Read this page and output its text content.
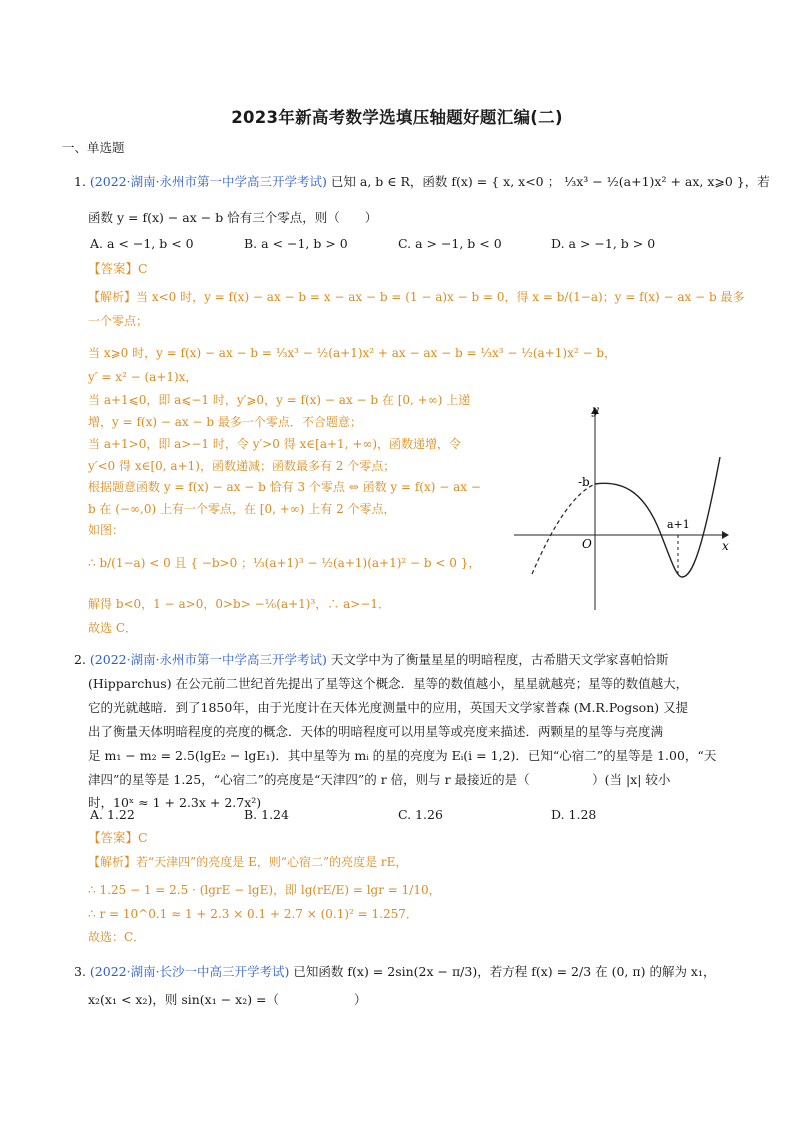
2023年新高考数学选填压轴题好题汇编(二)
一、单选题
1. (2022·湖南·永州市第一中学高三开学考试) 已知 a, b ∈ R，函数 f(x) = { x, x<0 ； ⅓x³ − ½(a+1)x² + ax, x⩾0 }，若
函数 y = f(x) − ax − b 恰有三个零点，则（　　）
A. a < −1, b < 0	B. a < −1, b > 0	C. a > −1, b < 0	D. a > −1, b > 0
【答案】C
【解析】当 x<0 时，y = f(x) − ax − b = x − ax − b = (1 − a)x − b = 0，得 x = b/(1−a)；y = f(x) − ax − b 最多
一个零点；
当 x⩾0 时，y = f(x) − ax − b = ⅓x³ − ½(a+1)x² + ax − ax − b = ⅓x³ − ½(a+1)x² − b，
y′ = x² − (a+1)x，
当 a+1⩽0，即 a⩽−1 时，y′⩾0，y = f(x) − ax − b 在 [0, +∞) 上递
增，y = f(x) − ax − b 最多一个零点．不合题意；
当 a+1>0，即 a>−1 时，令 y′>0 得 x∈[a+1, +∞)，函数递增，令
y′<0 得 x∈[0, a+1)，函数递减；函数最多有 2 个零点；
根据题意函数 y = f(x) − ax − b 恰有 3 个零点 ⇔ 函数 y = f(x) − ax −
b 在 (−∞,0) 上有一个零点，在 [0, +∞) 上有 2 个零点，
如图：
∴ b/(1−a) < 0 且 { −b>0 ；⅓(a+1)³ − ½(a+1)(a+1)² − b < 0 }，
解得 b<0，1 − a>0，0>b> −⅙(a+1)³，∴ a>−1．
故选 C．
y
x
O
-b
a+1
2. (2022·湖南·永州市第一中学高三开学考试) 天文学中为了衡量星星的明暗程度，古希腊天文学家喜帕恰斯
(Hipparchus) 在公元前二世纪首先提出了星等这个概念．星等的数值越小，星星就越亮；星等的数值越大，
它的光就越暗．到了1850年，由于光度计在天体光度测量中的应用，英国天文学家普森 (M.R.Pogson) 又提
出了衡量天体明暗程度的亮度的概念．天体的明暗程度可以用星等或亮度来描述．两颗星的星等与亮度满
足 m₁ − m₂ = 2.5(lgE₂ − lgE₁)．其中星等为 mᵢ 的星的亮度为 Eᵢ(i = 1,2)．已知“心宿二”的星等是 1.00，“天
津四”的星等是 1.25，“心宿二”的亮度是“天津四”的 r 倍，则与 r 最接近的是（　　　　　）(当 |x| 较小
时，10ˣ ≈ 1 + 2.3x + 2.7x²)
A. 1.22	B. 1.24	C. 1.26	D. 1.28
【答案】C
【解析】若“天津四”的亮度是 E，则“心宿二”的亮度是 rE，
∴ 1.25 − 1 = 2.5 · (lgrE − lgE)，即 lg(rE/E) = lgr = 1/10，
∴ r = 10^0.1 ≈ 1 + 2.3 × 0.1 + 2.7 × (0.1)² = 1.257．
故选：C．
3. (2022·湖南·长沙一中高三开学考试) 已知函数 f(x) = 2sin(2x − π/3)，若方程 f(x) = 2/3 在 (0, π) 的解为 x₁，
x₂(x₁ < x₂)，则 sin(x₁ − x₂) =（　　　　　　）
